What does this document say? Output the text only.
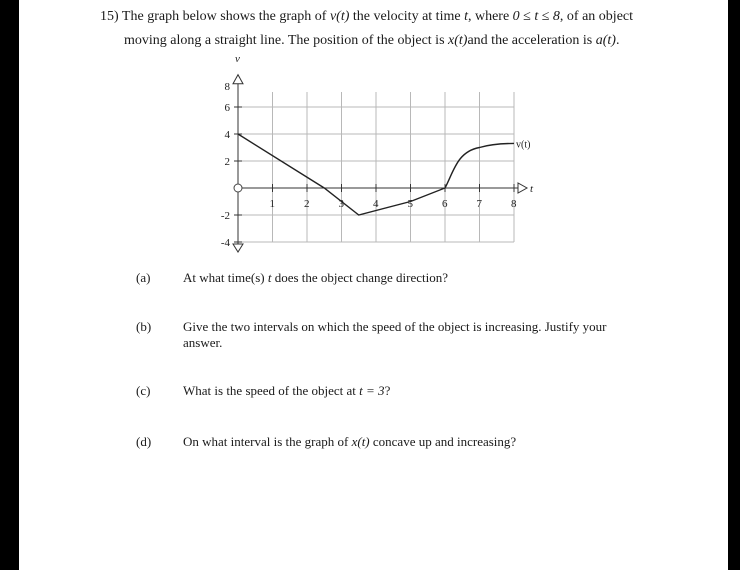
15) The graph below shows the graph of v(t) the velocity at time t, where 0 ≤ t ≤ 8, of an object
moving along a straight line. The position of the object is x(t)and the acceleration is a(t).
v
t
8
6
4
2
-2
-4
1	2	3	4	5	6	7	8
v(t)
(a)	At what time(s) t does the object change direction?
(b) Give the two intervals on which the speed of the object is increasing. Justify your
answer.
(c)	What is the speed of the object at t = 3?
(d) On what interval is the graph of x(t) concave up and increasing?
